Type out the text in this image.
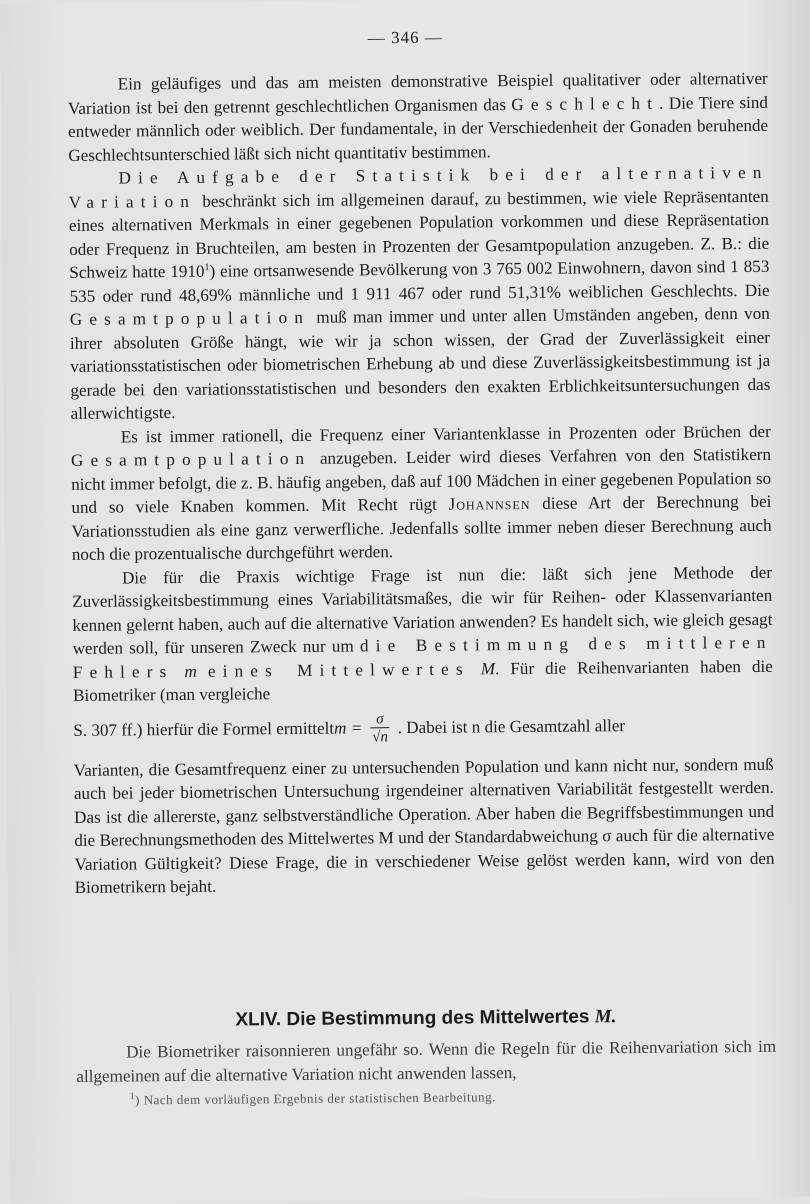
— 346 —

Ein geläufiges und das am meisten demonstrative Beispiel qualitativer oder alternativer Variation ist bei den getrennt geschlechtlichen Organismen das Geschlecht. Die Tiere sind entweder männlich oder weiblich. Der fundamentale, in der Verschiedenheit der Gonaden beruhende Geschlechtsunterschied läßt sich nicht quantitativ bestimmen.

Die Aufgabe der Statistik bei der alternativen Variation beschränkt sich im allgemeinen darauf, zu bestimmen, wie viele Repräsentanten eines alternativen Merkmals in einer gegebenen Population vorkommen und diese Repräsentation oder Frequenz in Bruchteilen, am besten in Prozenten der Gesamtpopulation anzugeben. Z. B.: die Schweiz hatte 1910$^1$) eine ortsanwesende Bevölkerung von 3 765 002 Einwohnern, davon sind 1 853 535 oder rund 48,69% männliche und 1 911 467 oder rund 51,31% weiblichen Geschlechts. Die Gesamtpopulation muß man immer und unter allen Umständen angeben, denn von ihrer absoluten Größe hängt, wie wir ja schon wissen, der Grad der Zuverlässigkeit einer variationsstatistischen oder biometrischen Erhebung ab und diese Zuverlässigkeitsbestimmung ist ja gerade bei den variationsstatistischen und besonders den exakten Erblichkeitsuntersuchungen das allerwichtigste.

Es ist immer rationell, die Frequenz einer Variantenklasse in Prozenten oder Brüchen der Gesamtpopulation anzugeben. Leider wird dieses Verfahren von den Statistikern nicht immer befolgt, die z. B. häufig angeben, daß auf 100 Mädchen in einer gegebenen Population so und so viele Knaben kommen. Mit Recht rügt Johannsen diese Art der Berechnung bei Variationsstudien als eine ganz verwerfliche. Jedenfalls sollte immer neben dieser Berechnung auch noch die prozentualische durchgeführt werden.

Die für die Praxis wichtige Frage ist nun die: läßt sich jene Methode der Zuverlässigkeitsbestimmung eines Variabilitätsmaßes, die wir für Reihen- oder Klassenvarianten kennen gelernt haben, auch auf die alternative Variation anwenden? Es handelt sich, wie gleich gesagt werden soll, für unseren Zweck nur um die Bestimmung des mittleren Fehlers m eines Mittelwertes M. Für die Reihenvarianten haben die Biometriker (man vergleiche

S. 307 ff.) hierfür die Formel ermittelt $m = \frac{\sigma}{√n}$ . Dabei ist n die Gesamtzahl aller

Varianten, die Gesamtfrequenz einer zu untersuchenden Population und kann nicht nur, sondern muß auch bei jeder biometrischen Untersuchung irgendeiner alternativen Variabilität festgestellt werden. Das ist die allererste, ganz selbstverständliche Operation. Aber haben die Begriffsbestimmungen und die Berechnungsmethoden des Mittelwertes M und der Standardabweichung σ auch für die alternative Variation Gültigkeit? Diese Frage, die in verschiedener Weise gelöst werden kann, wird von den Biometrikern bejaht.

XLIV. Die Bestimmung des Mittelwertes M.

Die Biometriker raisonnieren ungefähr so. Wenn die Regeln für die Reihenvariation sich im allgemeinen auf die alternative Variation nicht anwenden lassen,

$^1$) Nach dem vorläufigen Ergebnis der statistischen Bearbeitung.
